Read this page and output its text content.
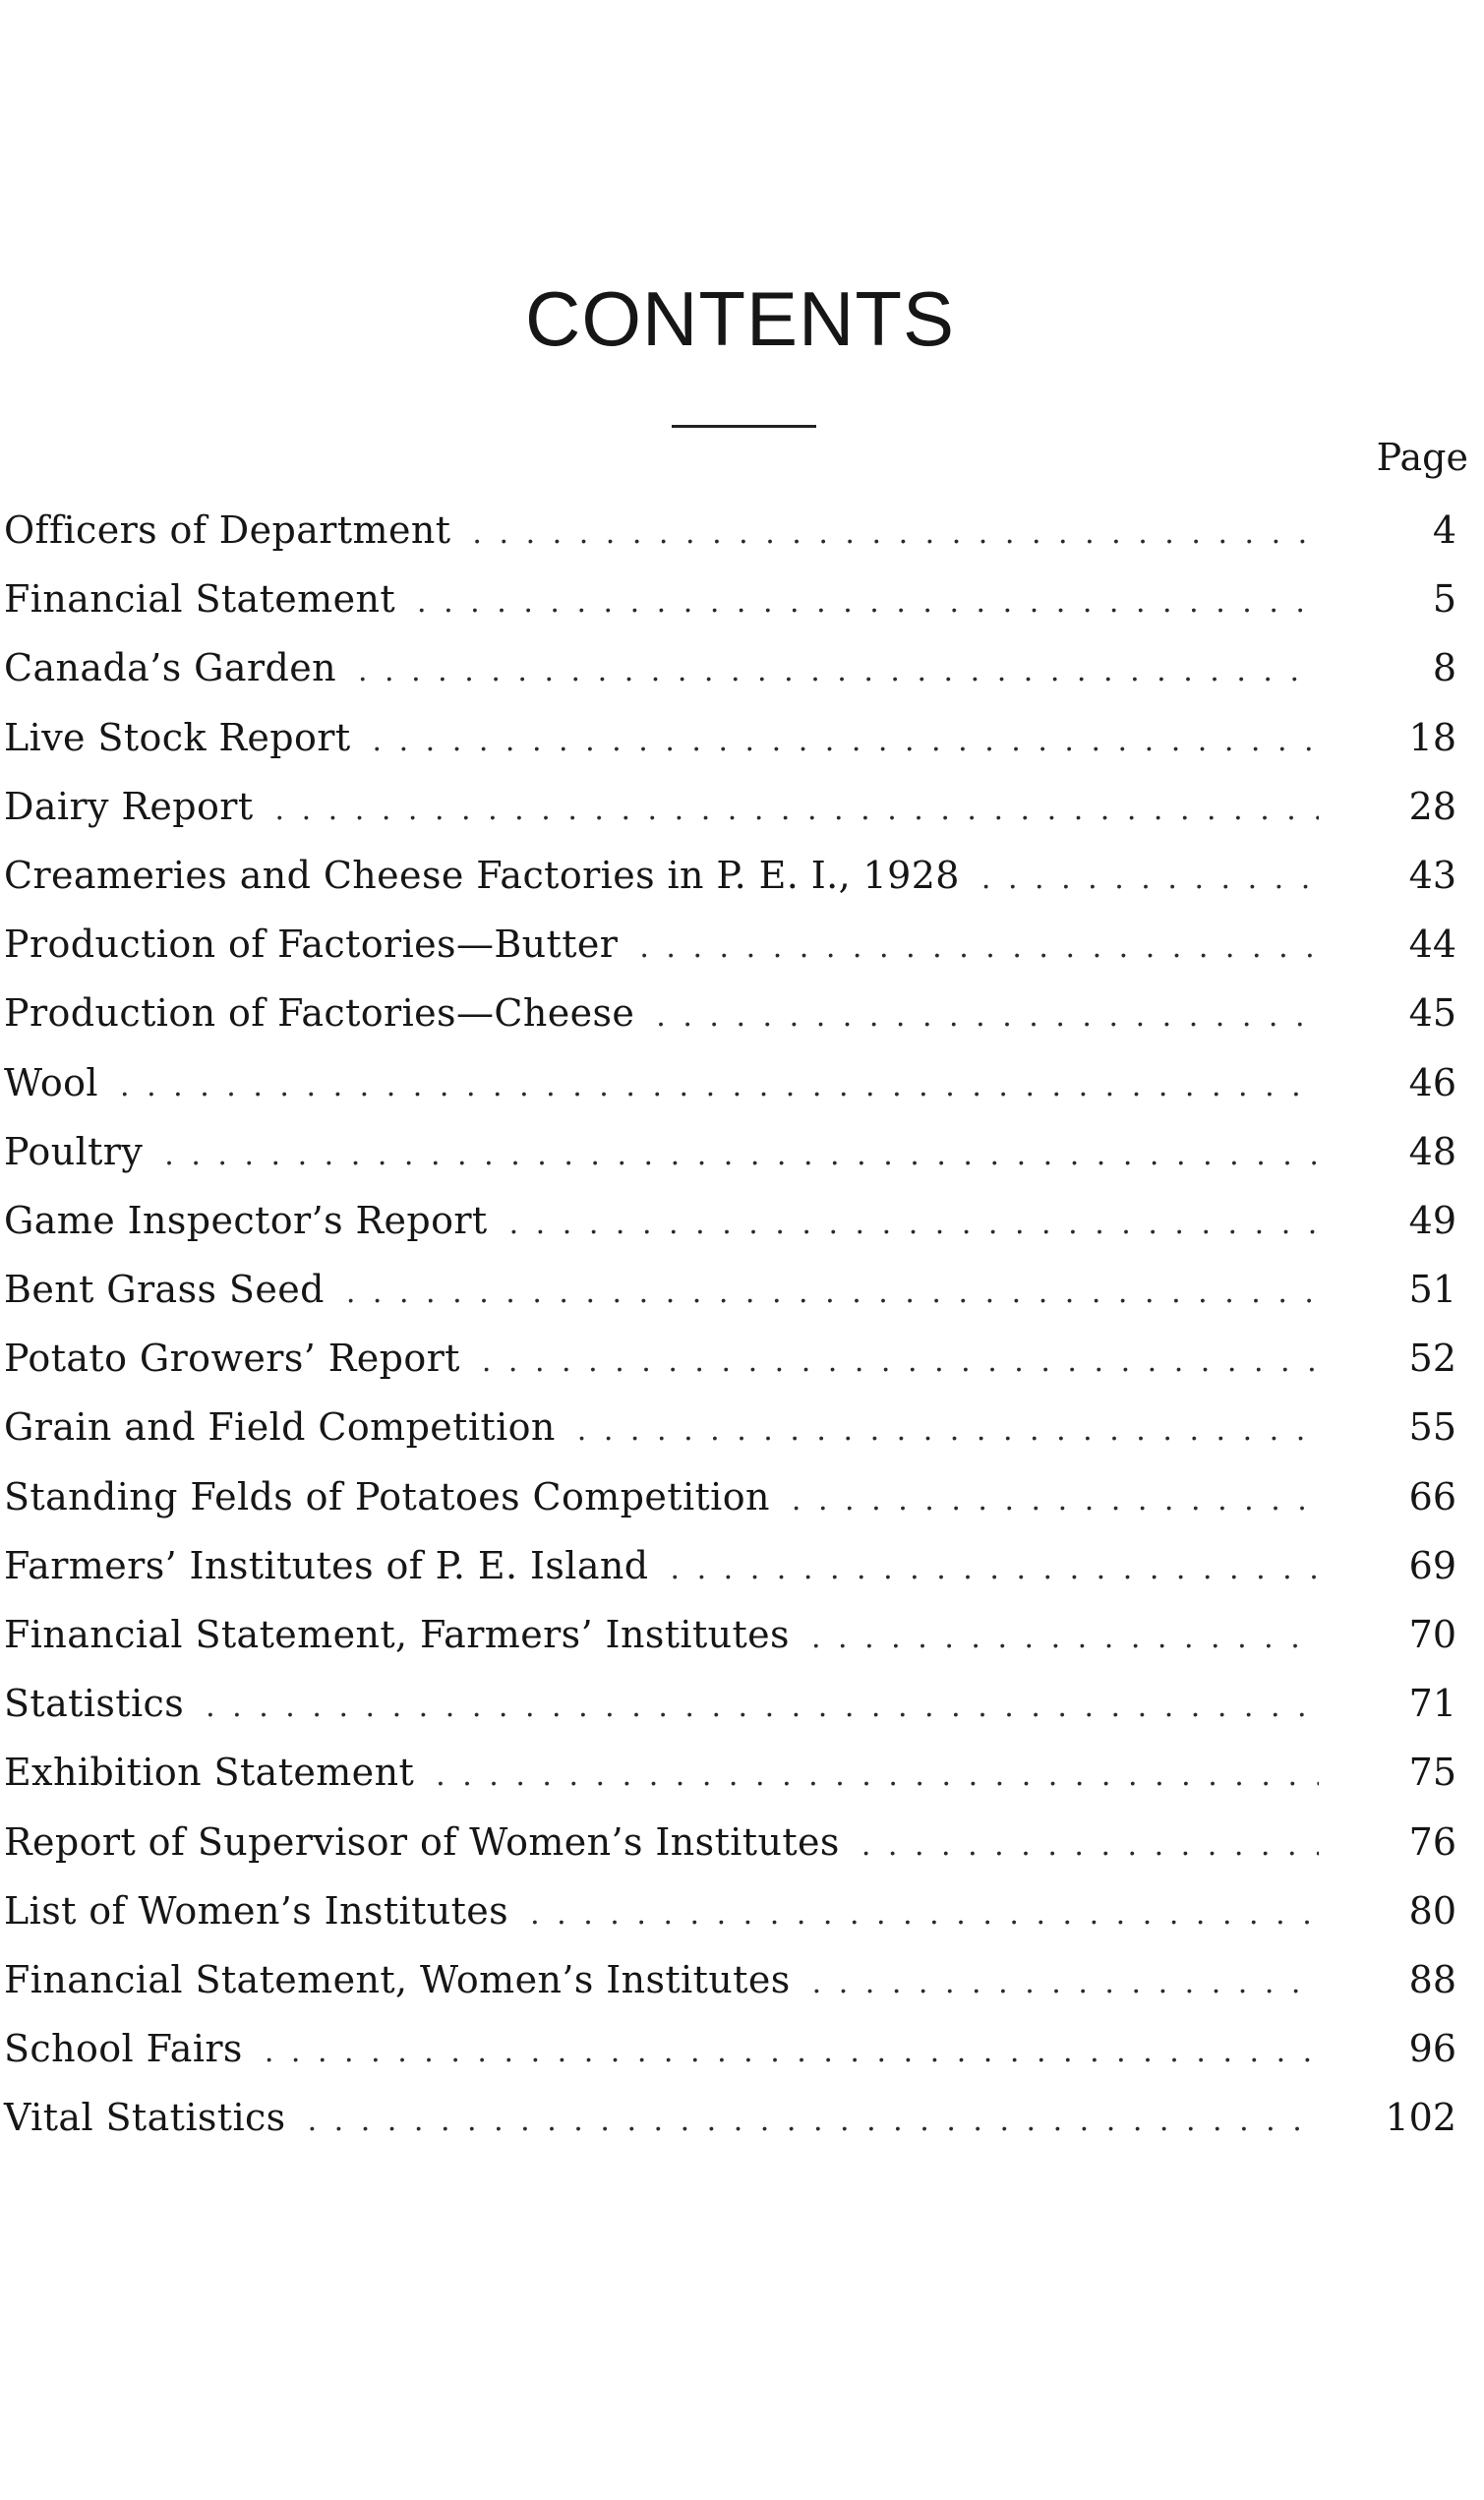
CONTENTS
Page
Officers of Department . . .	4
Financial Statement . . .	5
Canada’s Garden . . .	8
Live Stock Report . . .	18
Dairy Report . . .	28
Creameries and Cheese Factories in P. E. I., 1928 . . .	43
Production of Factories—Butter . . .	44
Production of Factories—Cheese . . .	45
Wool . . .	46
Poultry . . .	48
Game Inspector’s Report . . .	49
Bent Grass Seed . . .	51
Potato Growers’ Report . . .	52
Grain and Field Competition . . .	55
Standing Felds of Potatoes Competition . . .	66
Farmers’ Institutes of P. E. Island . . .	69
Financial Statement, Farmers’ Institutes . . .	70
Statistics . . .	71
Exhibition Statement . . .	75
Report of Supervisor of Women’s Institutes . . .	76
List of Women’s Institutes . . .	80
Financial Statement, Women’s Institutes . . .	88
School Fairs . . .	96
Vital Statistics . . .	102
